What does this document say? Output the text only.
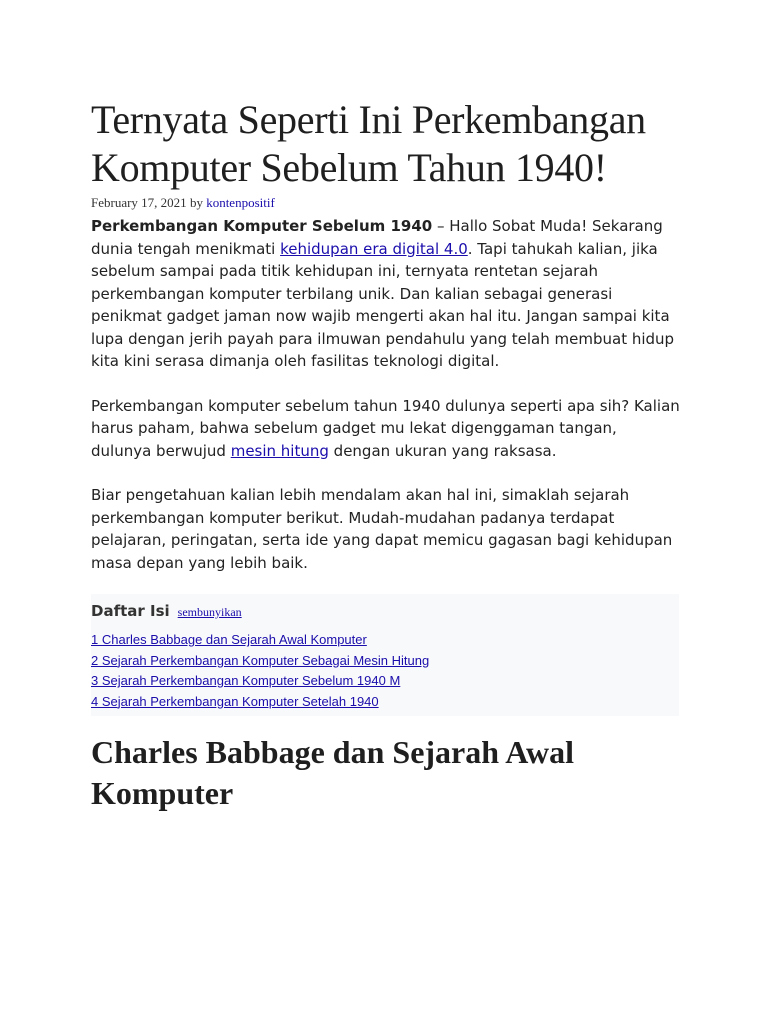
Ternyata Seperti Ini Perkembangan Komputer Sebelum Tahun 1940!
February 17, 2021 by kontenpositif

Perkembangan Komputer Sebelum 1940 – Hallo Sobat Muda! Sekarang dunia tengah menikmati kehidupan era digital 4.0. Tapi tahukah kalian, jika sebelum sampai pada titik kehidupan ini, ternyata rentetan sejarah perkembangan komputer terbilang unik. Dan kalian sebagai generasi penikmat gadget jaman now wajib mengerti akan hal itu. Jangan sampai kita lupa dengan jerih payah para ilmuwan pendahulu yang telah membuat hidup kita kini serasa dimanja oleh fasilitas teknologi digital.

Perkembangan komputer sebelum tahun 1940 dulunya seperti apa sih? Kalian harus paham, bahwa sebelum gadget mu lekat digenggaman tangan, dulunya berwujud mesin hitung dengan ukuran yang raksasa.

Biar pengetahuan kalian lebih mendalam akan hal ini, simaklah sejarah perkembangan komputer berikut. Mudah-mudahan padanya terdapat pelajaran, peringatan, serta ide yang dapat memicu gagasan bagi kehidupan masa depan yang lebih baik.

Daftar Isi sembunyikan
1 Charles Babbage dan Sejarah Awal Komputer
2 Sejarah Perkembangan Komputer Sebagai Mesin Hitung
3 Sejarah Perkembangan Komputer Sebelum 1940 M
4 Sejarah Perkembangan Komputer Setelah 1940
Charles Babbage dan Sejarah Awal Komputer
